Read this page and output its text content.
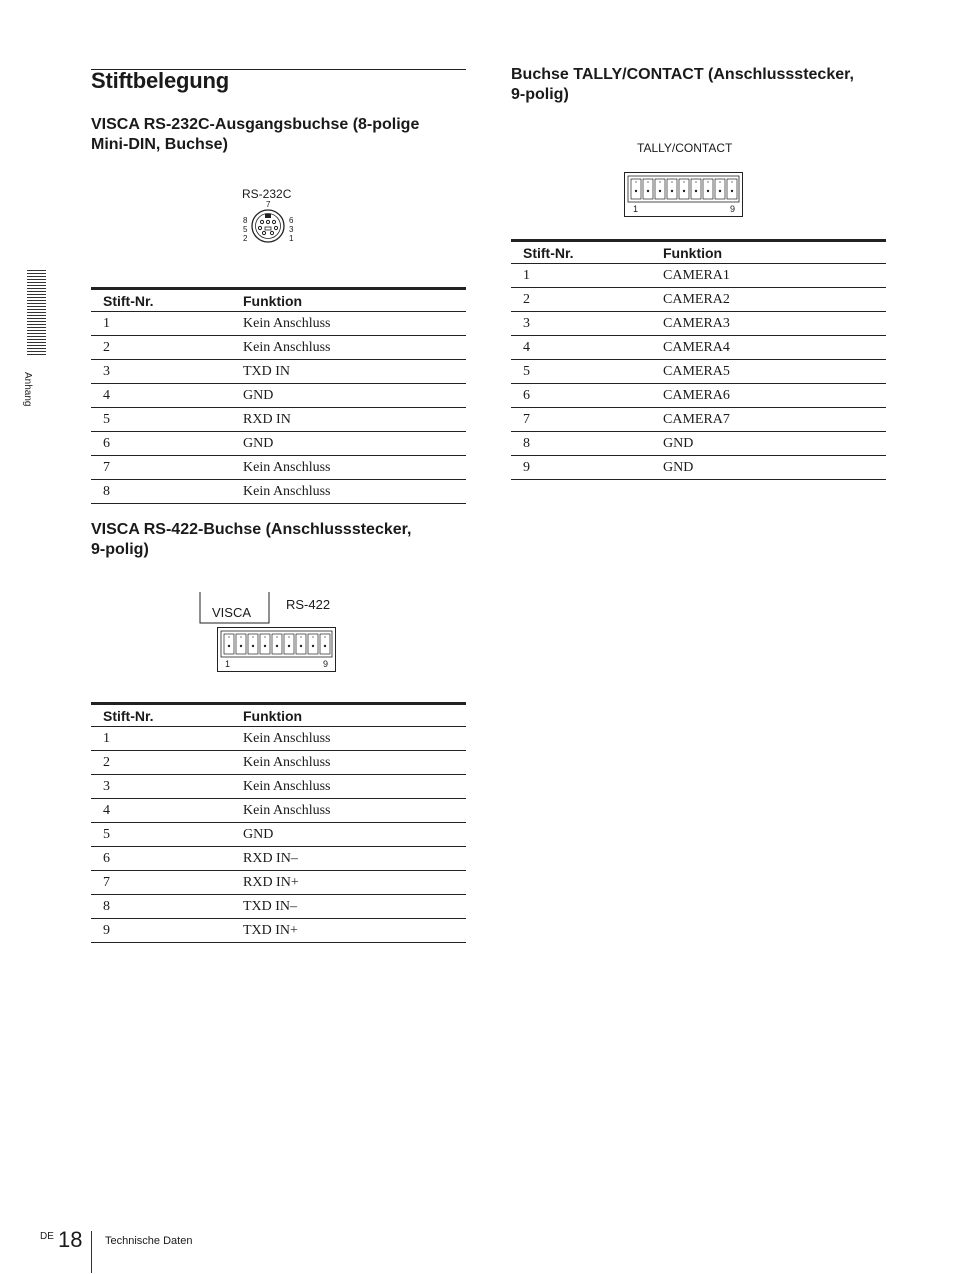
Stiftbelegung
Anhang
VISCA RS-232C-Ausgangsbuchse (8-polige
Mini-DIN, Buchse)
RS-232C
7
8
5
2
6
3
1
Stift-Nr.	Funktion
1	Kein Anschluss
2	Kein Anschluss
3	TXD IN
4	GND
5	RXD IN
6	GND
7	Kein Anschluss
8	Kein Anschluss
VISCA RS-422-Buchse (Anschlussstecker,
9-polig)
VISCA
RS-422
1	9
Stift-Nr.	Funktion
1	Kein Anschluss
2	Kein Anschluss
3	Kein Anschluss
4	Kein Anschluss
5	GND
6	RXD IN–
7	RXD IN+
8	TXD IN–
9	TXD IN+
Buchse TALLY/CONTACT (Anschlussstecker,
9-polig)
TALLY/CONTACT
1	9
Stift-Nr.	Funktion
1	CAMERA1
2	CAMERA2
3	CAMERA3
4	CAMERA4
5	CAMERA5
6	CAMERA6
7	CAMERA7
8	GND
9	GND
DE 18 Technische Daten
